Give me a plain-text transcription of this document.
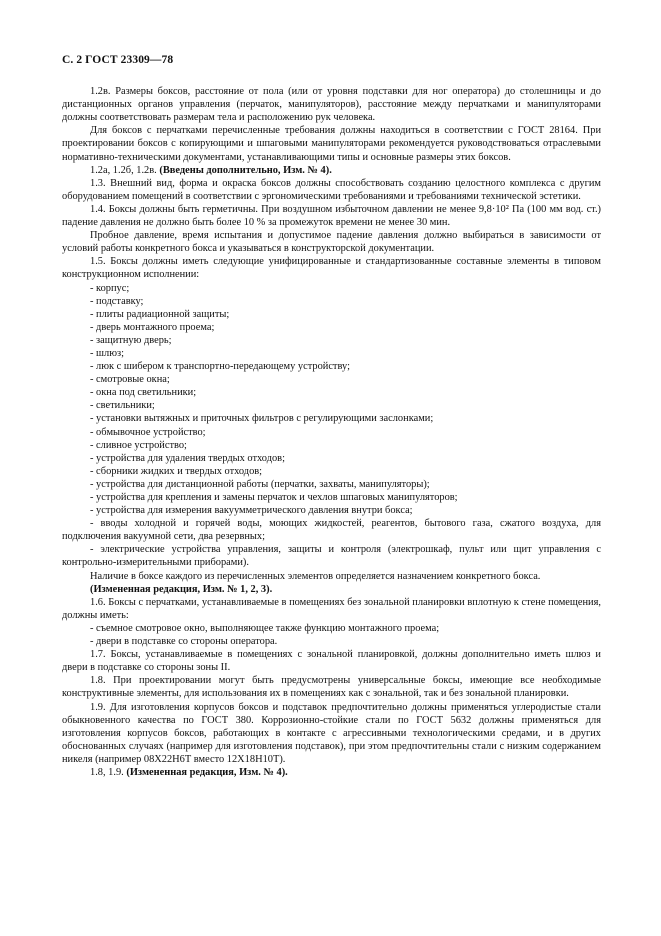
С. 2 ГОСТ 23309—78

1.2в. Размеры боксов, расстояние от пола (или от уровня подставки для ног оператора) до столешницы и до дистанционных органов управления (перчаток, манипуляторов), расстояние между перчатками и манипуляторами должны соответствовать размерам тела и расположению рук человека.

Для боксов с перчатками перечисленные требования должны находиться в соответствии с ГОСТ 28164. При проектировании боксов с копирующими и шпаговыми манипуляторами рекомендуется руководствоваться отраслевыми нормативно-техническими документами, устанавливающими типы и основные размеры этих боксов.

1.2а, 1.2б, 1.2в. (Введены дополнительно, Изм. № 4).

1.3. Внешний вид, форма и окраска боксов должны способствовать созданию целостного комплекса с другим оборудованием помещений в соответствии с эргономическими требованиями и требованиями технической эстетики.

1.4. Боксы должны быть герметичны. При воздушном избыточном давлении не менее 9,8·10² Па (100 мм вод. ст.) падение давления не должно быть более 10 % за промежуток времени не менее 30 мин.

Пробное давление, время испытания и допустимое падение давления должно выбираться в зависимости от условий работы конкретного бокса и указываться в конструкторской документации.

1.5. Боксы должны иметь следующие унифицированные и стандартизованные составные элементы в типовом конструкционном исполнении:

- корпус;

- подставку;

- плиты радиационной защиты;

- дверь монтажного проема;

- защитную дверь;

- шлюз;

- люк с шибером к транспортно-передающему устройству;

- смотровые окна;

- окна под светильники;

- светильники;

- установки вытяжных и приточных фильтров с регулирующими заслонками;

- обмывочное устройство;

- сливное устройство;

- устройства для удаления твердых отходов;

- сборники жидких и твердых отходов;

- устройства для дистанционной работы (перчатки, захваты, манипуляторы);

- устройства для крепления и замены перчаток и чехлов шпаговых манипуляторов;

- устройства для измерения вакуумметрического давления внутри бокса;

- вводы холодной и горячей воды, моющих жидкостей, реагентов, бытового газа, сжатого воздуха, для подключения вакуумной сети, два резервных;

- электрические устройства управления, защиты и контроля (электрошкаф, пульт или щит управления с контрольно-измерительными приборами).

Наличие в боксе каждого из перечисленных элементов определяется назначением конкретного бокса.

(Измененная редакция, Изм. № 1, 2, 3).

1.6. Боксы с перчатками, устанавливаемые в помещениях без зональной планировки вплотную к стене помещения, должны иметь:

- съемное смотровое окно, выполняющее также функцию монтажного проема;

- двери в подставке со стороны оператора.

1.7. Боксы, устанавливаемые в помещениях с зональной планировкой, должны дополнительно иметь шлюз и двери в подставке со стороны зоны II.

1.8. При проектировании могут быть предусмотрены универсальные боксы, имеющие все необходимые конструктивные элементы, для использования их в помещениях как с зональной, так и без зональной планировки.

1.9. Для изготовления корпусов боксов и подставок предпочтительно должны применяться углеродистые стали обыкновенного качества по ГОСТ 380. Коррозионно-стойкие стали по ГОСТ 5632 должны применяться для изготовления корпусов боксов, работающих в контакте с агрессивными технологическими средами, и в других обоснованных случаях (например для изготовления подставок), при этом предпочтительны стали с низким содержанием никеля (например 08Х22Н6Т вместо 12Х18Н10Т).

1.8, 1.9. (Измененная редакция, Изм. № 4).
